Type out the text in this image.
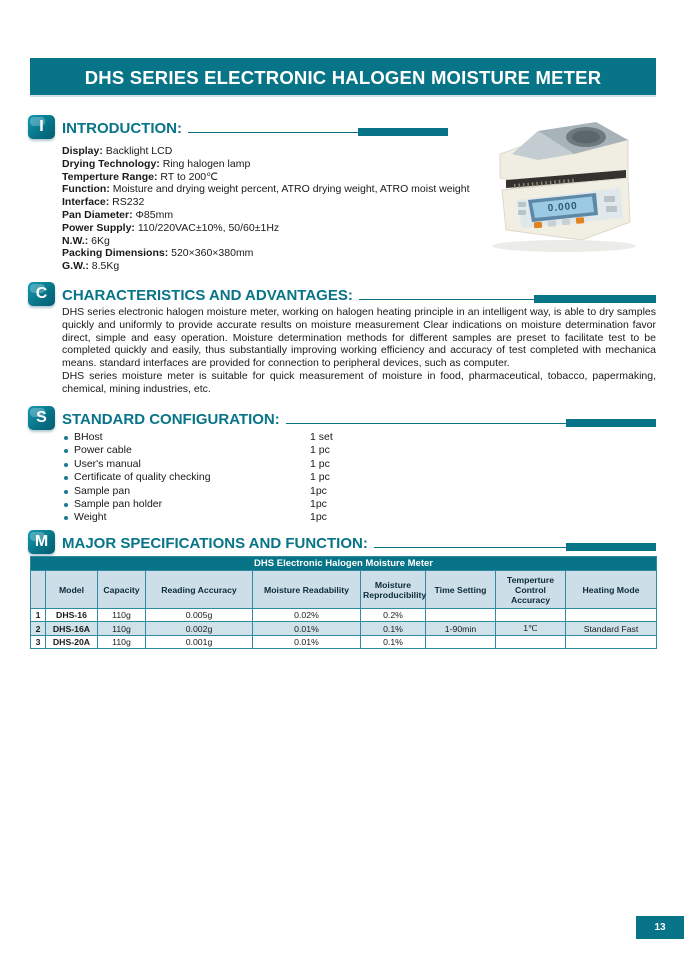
DHS SERIES ELECTRONIC HALOGEN MOISTURE METER
I	INTRODUCTION:
Display: Backlight LCD
Drying Technology: Ring halogen lamp
Temperture Range: RT to 200℃
Function: Moisture and drying weight percent, ATRO drying weight, ATRO moist weight
Interface: RS232
Pan Diameter: Φ85mm
Power Supply: 110/220VAC±10%, 50/60±1Hz
N.W.: 6Kg
Packing Dimensions: 520×360×380mm
G.W.: 8.5Kg
0.000
C CHARACTERISTICS AND ADVANTAGES:

DHS series electronic halogen moisture meter, working on halogen heating principle in an intelligent way, is able to dry samples quickly and uniformly to provide accurate results on moisture measurement Clear indications on moisture determination favor direct, simple and easy operation. Moisture determination methods for different samples are preset to facilitate test to be completed quickly and easily, thus substantially improving working efficiency and accuracy of test completed with mechanica means. standard interfaces are provided for connection to peripheral devices, such as computer.

DHS series moisture meter is suitable for quick measurement of moisture in food, pharmaceutical, tobacco, papermaking, chemical, mining industries, etc.

S	STANDARD CONFIGURATION:
BHost	1 set
Power cable	1 pc
User's manual	1 pc
Certificate of quality checking	1 pc
Sample pan	1pc
Sample pan holder	1pc
Weight	1pc
M MAJOR SPECIFICATIONS AND FUNCTION:
DHS Electronic Halogen Moisture Meter								
	Model	Capacity	Reading Accuracy	Moisture Readability	Moisture Reproducibility	Time Setting	Temperture Control Accuracy	Heating Mode
1	DHS-16	110g	0.005g	0.02%	0.2%			
2	DHS-16A	110g	0.002g	0.01%	0.1%	1-90min	1℃	Standard Fast
3	DHS-20A	110g	0.001g	0.01%	0.1%			
13
